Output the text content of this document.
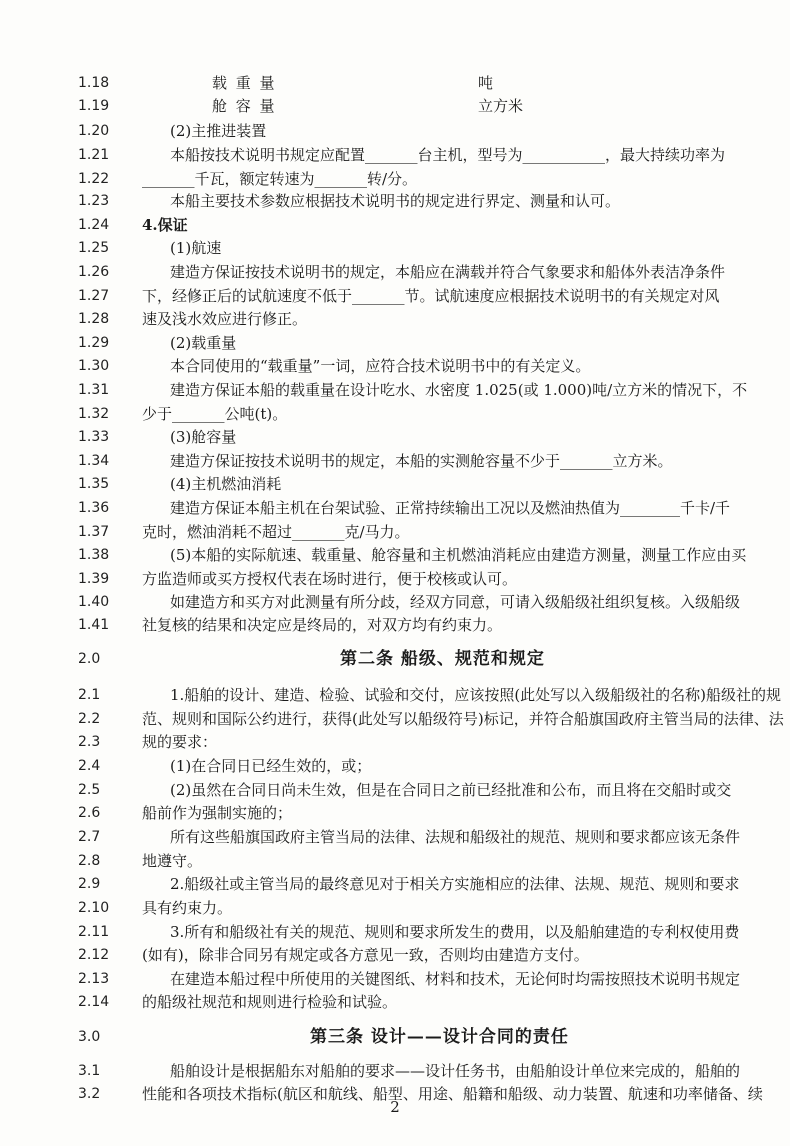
1.18	载 重 量	吨
1.19	舱 容 量	立方米
1.20	(2)主推进装置
1.21	本船按技术说明书规定应配置_______台主机，型号为___________，最大持续功率为
1.22	_______千瓦，额定转速为_______转/分。
1.23	本船主要技术参数应根据技术说明书的规定进行界定、测量和认可。
1.24	4.保证
1.25	(1)航速
1.26	建造方保证按技术说明书的规定，本船应在满载并符合气象要求和船体外表洁净条件
1.27	下，经修正后的试航速度不低于_______节。试航速度应根据技术说明书的有关规定对风
1.28	速及浅水效应进行修正。
1.29	(2)载重量
1.30	本合同使用的“载重量”一词，应符合技术说明书中的有关定义。
1.31	建造方保证本船的载重量在设计吃水、水密度 1.025(或 1.000)吨/立方米的情况下，不
1.32	少于_______公吨(t)。
1.33	(3)舱容量
1.34	建造方保证按技术说明书的规定，本船的实测舱容量不少于_______立方米。
1.35	(4)主机燃油消耗
1.36	建造方保证本船主机在台架试验、正常持续输出工况以及燃油热值为________千卡/千
1.37	克时，燃油消耗不超过_______克/马力。
1.38	(5)本船的实际航速、载重量、舱容量和主机燃油消耗应由建造方测量，测量工作应由买
1.39	方监造师或买方授权代表在场时进行，便于校核或认可。
1.40	如建造方和买方对此测量有所分歧，经双方同意，可请入级船级社组织复核。入级船级
1.41	社复核的结果和决定应是终局的，对双方均有约束力。
2.0	第二条 船级、规范和规定
2.1	1.船舶的设计、建造、检验、试验和交付，应该按照(此处写以入级船级社的名称)船级社的规
2.2	范、规则和国际公约进行，获得(此处写以船级符号)标记，并符合船旗国政府主管当局的法律、法
2.3	规的要求：
2.4	(1)在合同日已经生效的，或；
2.5	(2)虽然在合同日尚未生效，但是在合同日之前已经批准和公布，而且将在交船时或交
2.6	船前作为强制实施的；
2.7	所有这些船旗国政府主管当局的法律、法规和船级社的规范、规则和要求都应该无条件
2.8	地遵守。
2.9	2.船级社或主管当局的最终意见对于相关方实施相应的法律、法规、规范、规则和要求
2.10	具有约束力。
2.11	3.所有和船级社有关的规范、规则和要求所发生的费用，以及船舶建造的专利权使用费
2.12	(如有)，除非合同另有规定或各方意见一致，否则均由建造方支付。
2.13	在建造本船过程中所使用的关键图纸、材料和技术，无论何时均需按照技术说明书规定
2.14	的船级社规范和规则进行检验和试验。
3.0	第三条 设计——设计合同的责任
3.1	船舶设计是根据船东对船舶的要求——设计任务书，由船舶设计单位来完成的，船舶的
3.2	性能和各项技术指标(航区和航线、船型、用途、船籍和船级、动力装置、航速和功率储备、续
2
